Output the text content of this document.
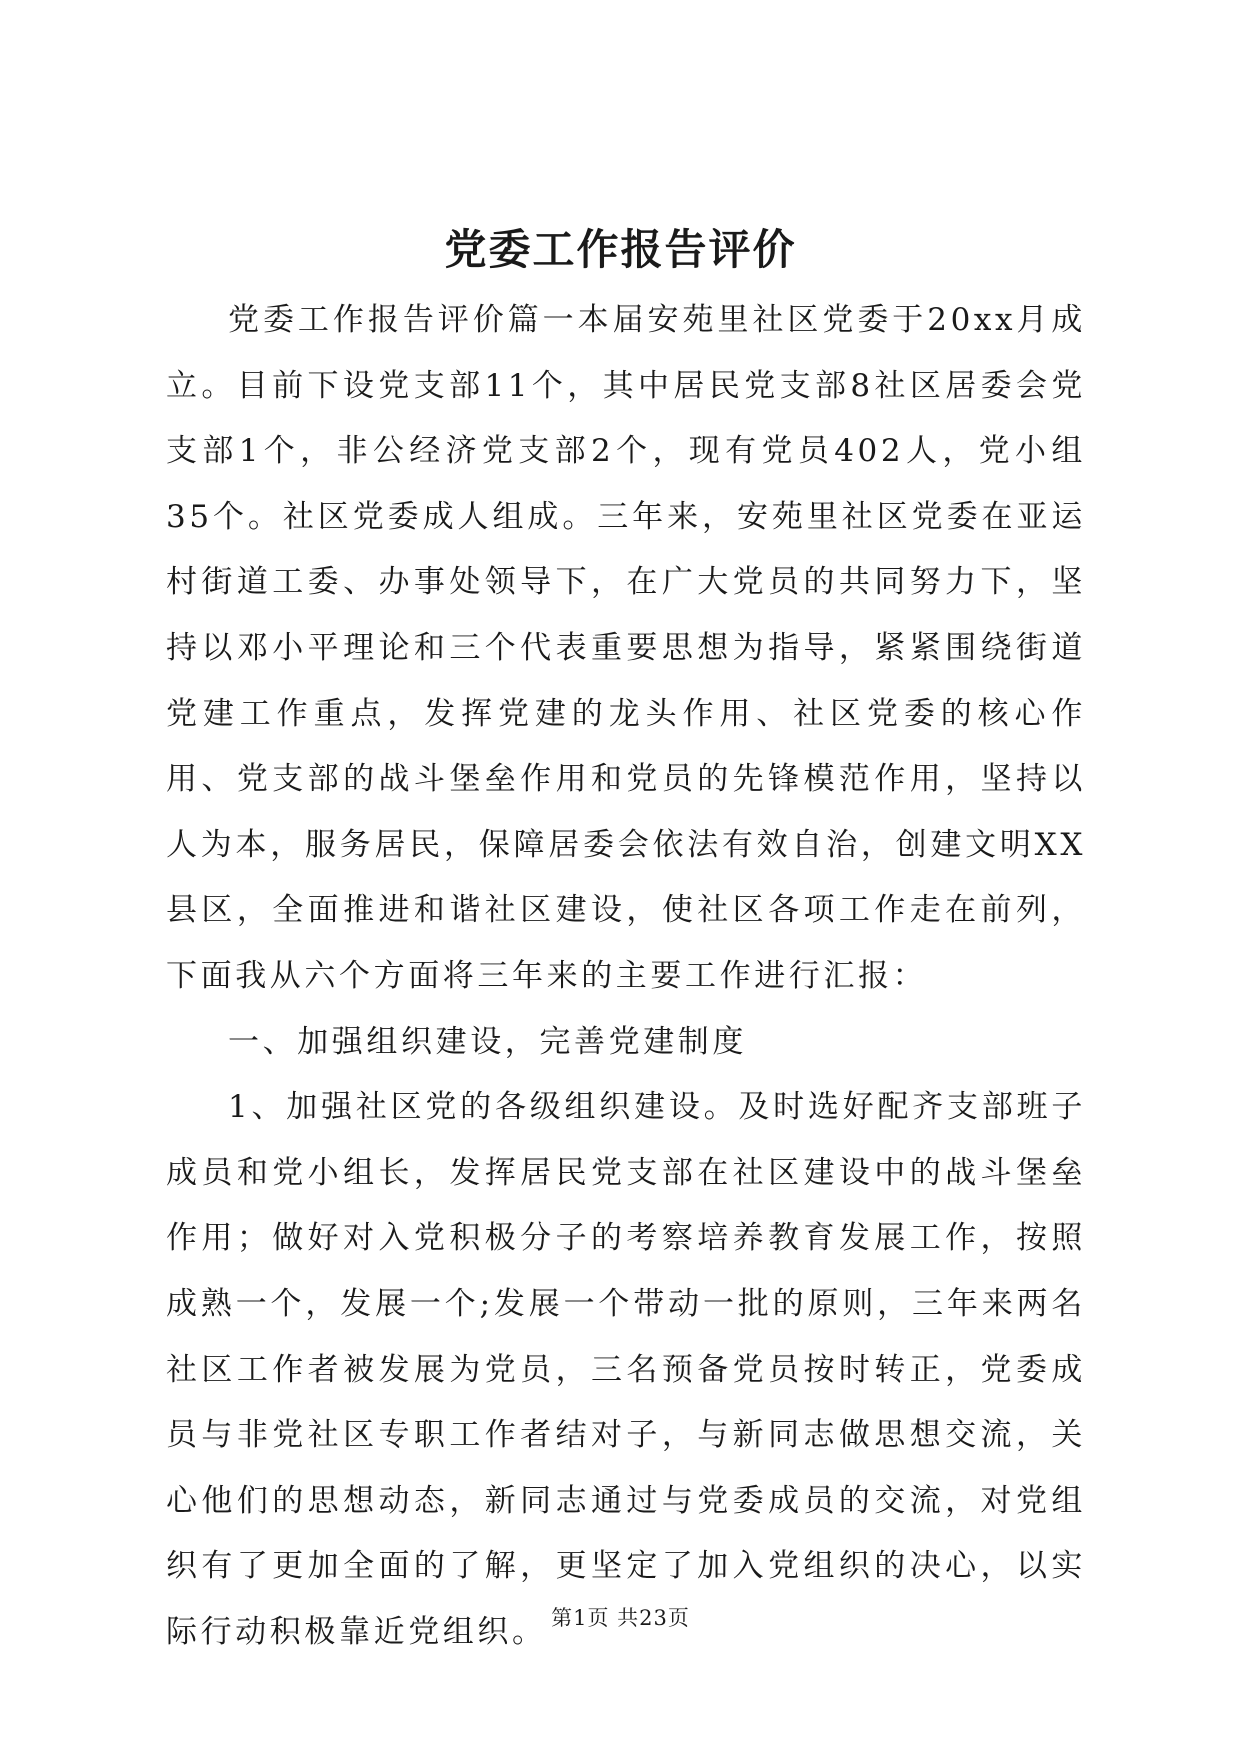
党委工作报告评价

党委工作报告评价篇一本届安苑里社区党委于20xx月成立。目前下设党支部11个，其中居民党支部8社区居委会党支部1个，非公经济党支部2个，现有党员402人，党小组35个。社区党委成人组成。三年来，安苑里社区党委在亚运村街道工委、办事处领导下，在广大党员的共同努力下，坚持以邓小平理论和三个代表重要思想为指导，紧紧围绕街道党建工作重点，发挥党建的龙头作用、社区党委的核心作用、党支部的战斗堡垒作用和党员的先锋模范作用，坚持以人为本，服务居民，保障居委会依法有效自治，创建文明XX县区，全面推进和谐社区建设，使社区各项工作走在前列，下面我从六个方面将三年来的主要工作进行汇报：

一、加强组织建设，完善党建制度

1、加强社区党的各级组织建设。及时选好配齐支部班子成员和党小组长，发挥居民党支部在社区建设中的战斗堡垒作用；做好对入党积极分子的考察培养教育发展工作，按照成熟一个，发展一个;发展一个带动一批的原则，三年来两名社区工作者被发展为党员，三名预备党员按时转正，党委成员与非党社区专职工作者结对子，与新同志做思想交流，关心他们的思想动态，新同志通过与党委成员的交流，对党组织有了更加全面的了解，更坚定了加入党组织的决心，以实际行动积极靠近党组织。 第1页 共23页
